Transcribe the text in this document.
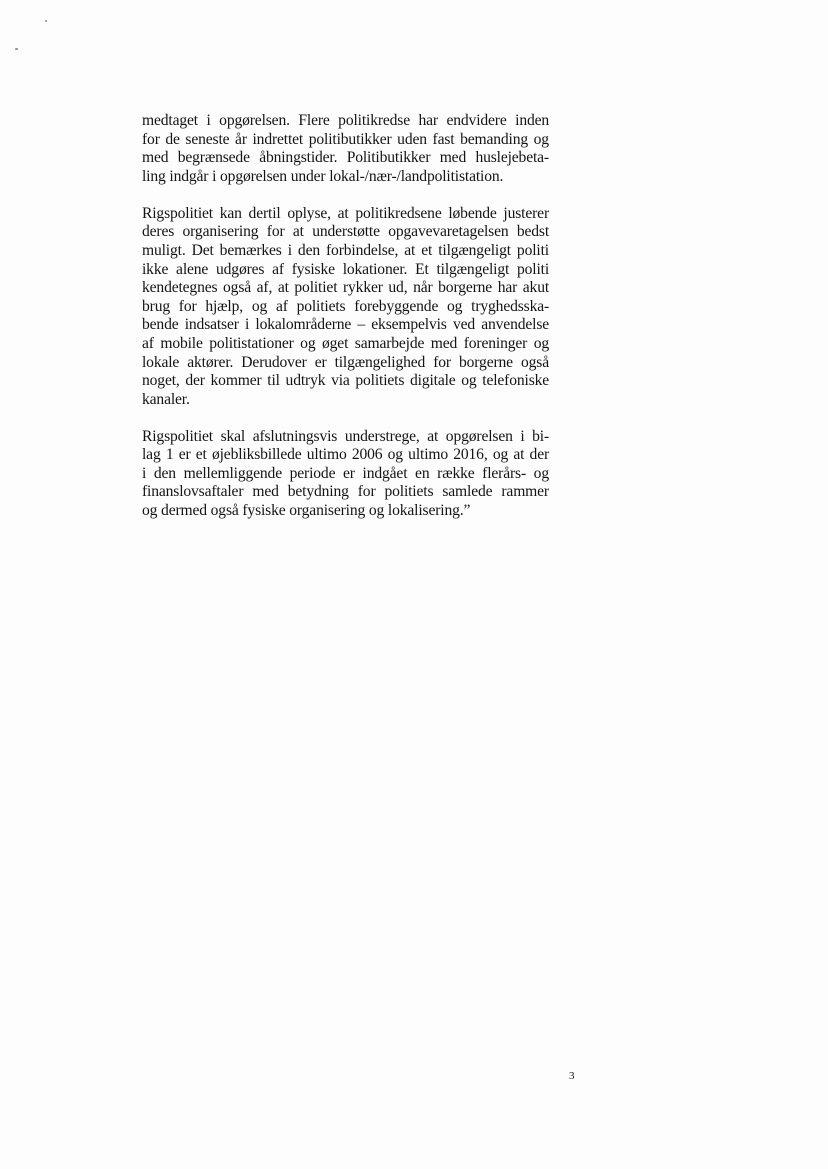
medtaget i opgørelsen. Flere politikredse har endvidere inden
for de seneste år indrettet politibutikker uden fast bemanding og
med begrænsede åbningstider. Politibutikker med huslejebeta-
ling indgår i opgørelsen under lokal-/nær-/landpolitistation.

Rigspolitiet kan dertil oplyse, at politikredsene løbende justerer
deres organisering for at understøtte opgavevaretagelsen bedst
muligt. Det bemærkes i den forbindelse, at et tilgængeligt politi
ikke alene udgøres af fysiske lokationer. Et tilgængeligt politi
kendetegnes også af, at politiet rykker ud, når borgerne har akut
brug for hjælp, og af politiets forebyggende og tryghedsska-
bende indsatser i lokalområderne – eksempelvis ved anvendelse
af mobile politistationer og øget samarbejde med foreninger og
lokale aktører. Derudover er tilgængelighed for borgerne også
noget, der kommer til udtryk via politiets digitale og telefoniske
kanaler.

Rigspolitiet skal afslutningsvis understrege, at opgørelsen i bi-
lag 1 er et øjebliksbillede ultimo 2006 og ultimo 2016, og at der
i den mellemliggende periode er indgået en række flerårs- og
finanslovsaftaler med betydning for politiets samlede rammer
og dermed også fysiske organisering og lokalisering.”

3
